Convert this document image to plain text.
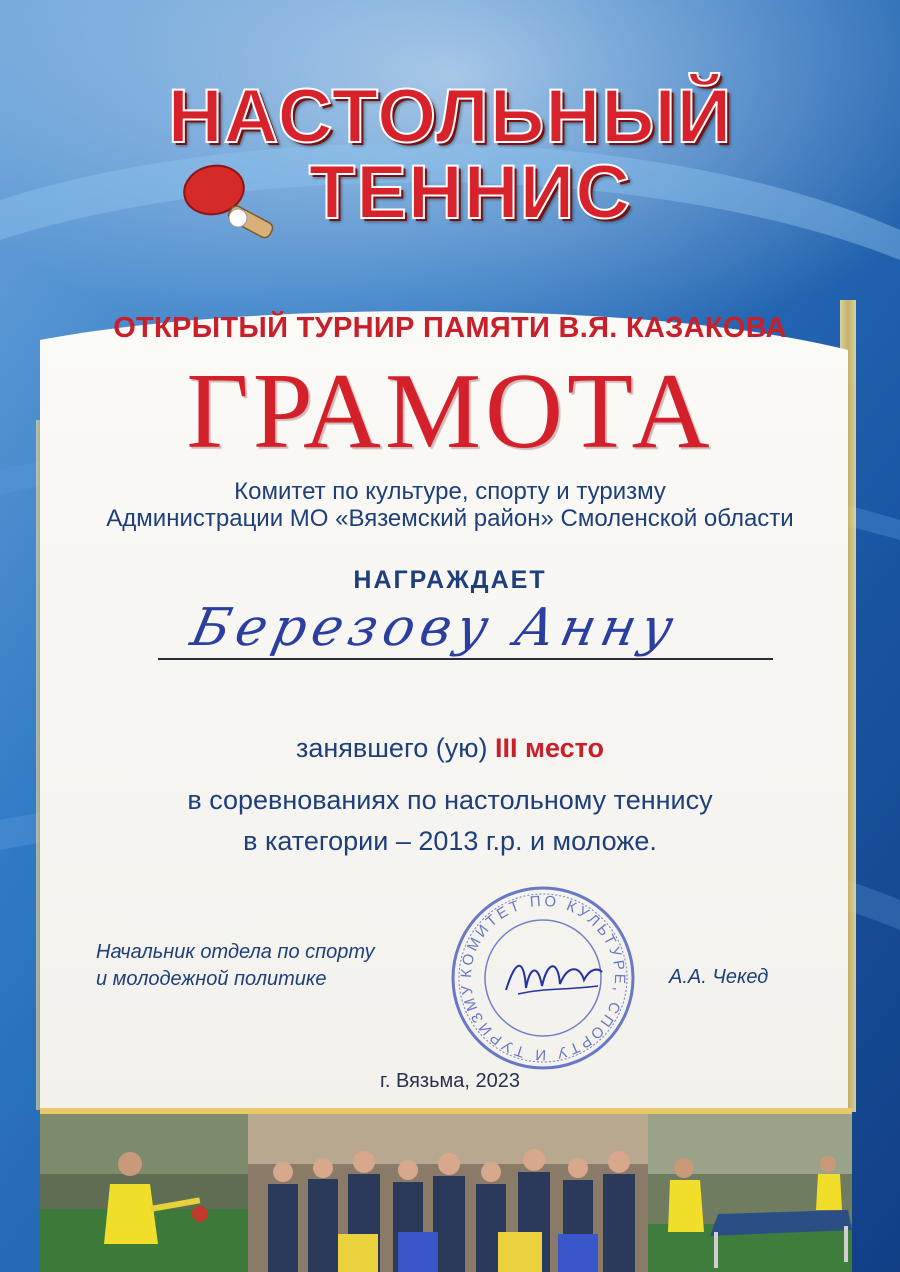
НАСТОЛЬНЫЙ
ТЕННИС
ОТКРЫТЫЙ ТУРНИР ПАМЯТИ В.Я. КАЗАКОВА
ГРАМОТА
Комитет по культуре, спорту и туризму
Администрации МО «Вяземский район» Смоленской области
НАГРАЖДАЕТ
Березову Анну
занявшего (ую) III место
в соревнованиях по настольному теннису
в категории – 2013 г.р. и моложе.
Начальник отдела по спорту
и молодежной политике	А.А. Чекед
КОМИТЕТ ПО КУЛЬТУРЕ, СПОРТУ И ТУРИЗМУ
г. Вязьма, 2023
